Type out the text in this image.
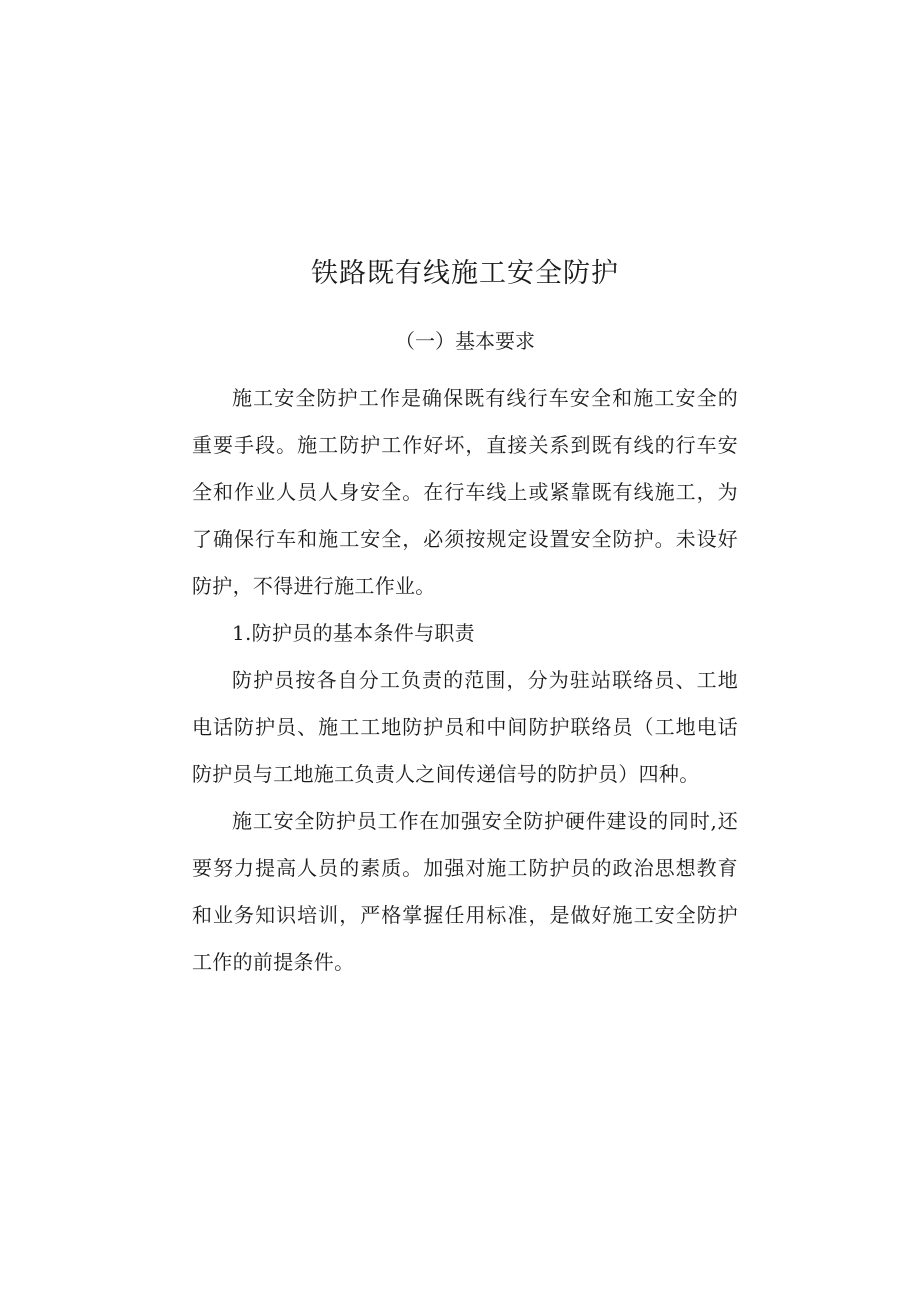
铁路既有线施工安全防护
（一）基本要求

施工安全防护工作是确保既有线行车安全和施工安全的重要手段。施工防护工作好坏，直接关系到既有线的行车安全和作业人员人身安全。在行车线上或紧靠既有线施工，为了确保行车和施工安全，必须按规定设置安全防护。未设好防护，不得进行施工作业。

1.防护员的基本条件与职责

防护员按各自分工负责的范围，分为驻站联络员、工地电话防护员、施工工地防护员和中间防护联络员（工地电话防护员与工地施工负责人之间传递信号的防护员）四种。

施工安全防护员工作在加强安全防护硬件建设的同时,还要努力提高人员的素质。加强对施工防护员的政治思想教育和业务知识培训，严格掌握任用标准，是做好施工安全防护工作的前提条件。
